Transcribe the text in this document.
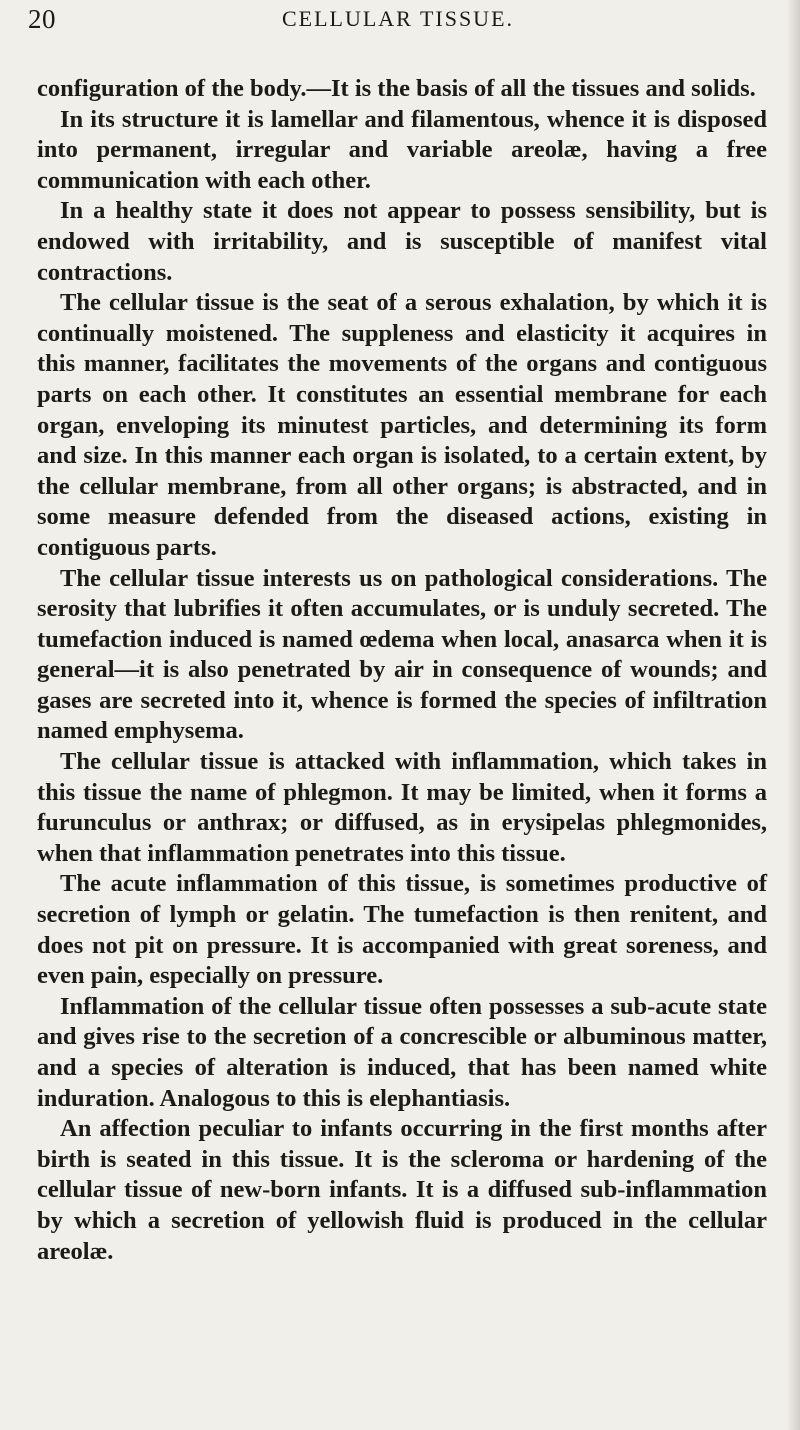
20	CELLULAR TISSUE.

configuration of the body.—It is the basis of all the tissues and solids.

In its structure it is lamellar and filamentous, whence it is disposed into permanent, irregular and variable areolæ, having a free communication with each other.

In a healthy state it does not appear to possess sensibility, but is endowed with irritability, and is susceptible of manifest vital contractions.

The cellular tissue is the seat of a serous exhalation, by which it is continually moistened. The suppleness and elasticity it acquires in this manner, facilitates the movements of the organs and contiguous parts on each other. It constitutes an essential membrane for each organ, enveloping its minutest particles, and determining its form and size. In this manner each organ is isolated, to a certain extent, by the cellular membrane, from all other organs; is abstracted, and in some measure defended from the diseased actions, existing in contiguous parts.

The cellular tissue interests us on pathological considerations. The serosity that lubrifies it often accumulates, or is unduly secreted. The tumefaction induced is named œdema when local, anasarca when it is general—it is also penetrated by air in consequence of wounds; and gases are secreted into it, whence is formed the species of infiltration named emphysema.

The cellular tissue is attacked with inflammation, which takes in this tissue the name of phlegmon. It may be limited, when it forms a furunculus or anthrax; or diffused, as in erysipelas phlegmonides, when that inflammation penetrates into this tissue.

The acute inflammation of this tissue, is sometimes productive of secretion of lymph or gelatin. The tumefaction is then renitent, and does not pit on pressure. It is accompanied with great soreness, and even pain, especially on pressure.

Inflammation of the cellular tissue often possesses a sub-acute state and gives rise to the secretion of a concrescible or albuminous matter, and a species of alteration is induced, that has been named white induration. Analogous to this is elephantiasis.

An affection peculiar to infants occurring in the first months after birth is seated in this tissue. It is the scleroma or hardening of the cellular tissue of new-born infants. It is a diffused sub-inflammation by which a secretion of yellowish fluid is produced in the cellular areolæ.
